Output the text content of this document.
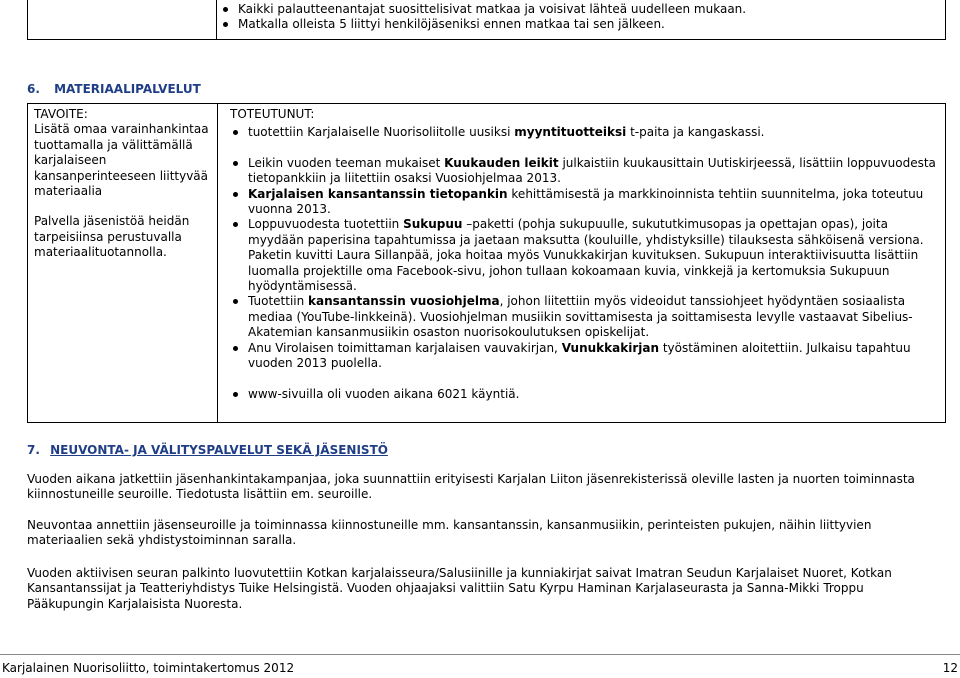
Kaikki palautteenantajat suosittelisivat matkaa ja voisivat lähteä uudelleen mukaan.
Matkalla olleista 5 liittyi henkilöjäseniksi ennen matkaa tai sen jälkeen.
6. MATERIAALIPALVELUT

TAVOITE:

Lisätä omaa varainhankintaa tuottamalla ja välittämällä karjalaiseen kansanperinteeseen liittyvää materiaalia

Palvella jäsenistöä heidän tarpeisiinsa perustuvalla materiaalituotannolla.

TOTEUTUNUT:

tuotettiin Karjalaiselle Nuorisoliitolle uusiksi myyntituotteiksi t-paita ja kangaskassi.
Leikin vuoden teeman mukaiset Kuukauden leikit julkaistiin kuukausittain Uutiskirjeessä, lisättiin loppuvuodesta tietopankkiin ja liitettiin osaksi Vuosiohjelmaa 2013.
Karjalaisen kansantanssin tietopankin kehittämisestä ja markkinoinnista tehtiin suunnitelma, joka toteutuu vuonna 2013.
Loppuvuodesta tuotettiin Sukupuu –paketti (pohja sukupuulle, sukututkimusopas ja opettajan opas), joita myydään paperisina tapahtumissa ja jaetaan maksutta (kouluille, yhdistyksille) tilauksesta sähköisenä versiona. Paketin kuvitti Laura Sillanpää, joka hoitaa myös Vunukkakirjan kuvituksen. Sukupuun interaktiivisuutta lisättiin luomalla projektille oma Facebook-sivu, johon tullaan kokoamaan kuvia, vinkkejä ja kertomuksia Sukupuun hyödyntämisessä.
Tuotettiin kansantanssin vuosiohjelma, johon liitettiin myös videoidut tanssiohjeet hyödyntäen sosiaalista mediaa (YouTube-linkkeinä). Vuosiohjelman musiikin sovittamisesta ja soittamisesta levylle vastaavat Sibelius-Akatemian kansanmusiikin osaston nuorisokoulutuksen opiskelijat.
Anu Virolaisen toimittaman karjalaisen vauvakirjan, Vunukkakirjan työstäminen aloitettiin. Julkaisu tapahtuu vuoden 2013 puolella.
www-sivuilla oli vuoden aikana 6021 käyntiä.
7. NEUVONTA- JA VÄLITYSPALVELUT SEKÄ JÄSENISTÖ

Vuoden aikana jatkettiin jäsenhankintakampanjaa, joka suunnattiin erityisesti Karjalan Liiton jäsenrekisterissä oleville lasten ja nuorten toiminnasta kiinnostuneille seuroille. Tiedotusta lisättiin em. seuroille.

Neuvontaa annettiin jäsenseuroille ja toiminnassa kiinnostuneille mm. kansantanssin, kansanmusiikin, perinteisten pukujen, näihin liittyvien materiaalien sekä yhdistystoiminnan saralla.

Vuoden aktiivisen seuran palkinto luovutettiin Kotkan karjalaisseura/Salusiinille ja kunniakirjat saivat Imatran Seudun Karjalaiset Nuoret, Kotkan Kansantanssijat ja Teatteriyhdistys Tuike Helsingistä. Vuoden ohjaajaksi valittiin Satu Kyrpu Haminan Karjalaseurasta ja Sanna-Mikki Troppu Pääkupungin Karjalaisista Nuoresta.

Karjalainen Nuorisoliitto, toimintakertomus 2012	12
